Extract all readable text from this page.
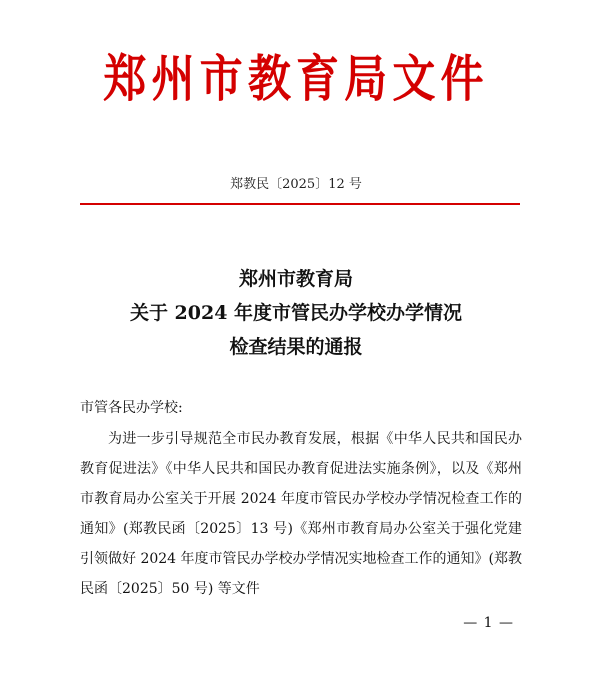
郑州市教育局文件
郑教民〔2025〕12 号
郑州市教育局
关于 2024 年度市管民办学校办学情况
检查结果的通报
市管各民办学校:

为进一步引导规范全市民办教育发展，根据《中华人民共和国民办教育促进法》《中华人民共和国民办教育促进法实施条例》，以及《郑州市教育局办公室关于开展 2024 年度市管民办学校办学情况检查工作的通知》(郑教民函〔2025〕13 号)《郑州市教育局办公室关于强化党建引领做好 2024 年度市管民办学校办学情况实地检查工作的通知》(郑教民函〔2025〕50 号) 等文件

— 1 —
